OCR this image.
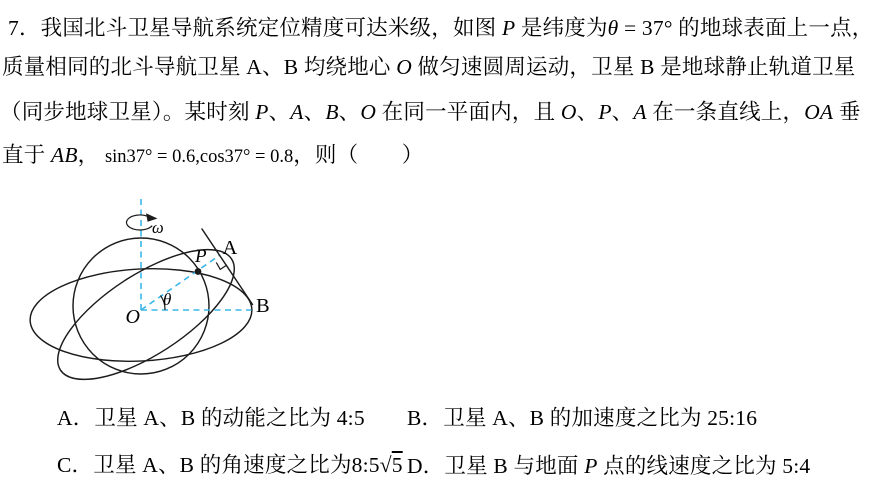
7．我国北斗卫星导航系统定位精度可达米级，如图 P 是纬度为θ = 37° 的地球表面上一点，
质量相同的北斗导航卫星 A、B 均绕地心 O 做匀速圆周运动，卫星 B 是地球静止轨道卫星
（同步地球卫星）。某时刻 P、A、B、O 在同一平面内，且 O、P、A 在一条直线上，OA 垂
直于 AB， sin37° = 0.6,cos37° = 0.8，则（　　）
O
θ
ω
P A
B
A．卫星 A、B 的动能之比为 4:5 B．卫星 A、B 的加速度之比为 25:16
C．卫星 A、B 的角速度之比为8:5√5 D．卫星 B 与地面 P 点的线速度之比为 5:4
